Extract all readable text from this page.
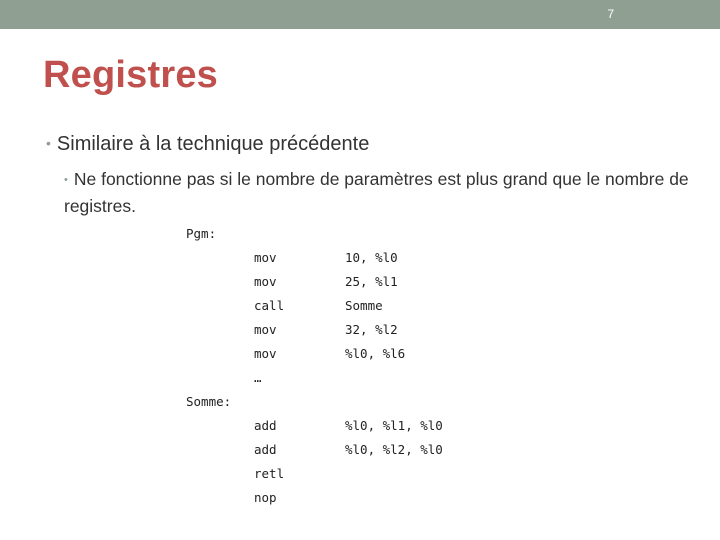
7
Registres
• Similaire à la technique précédente
• Ne fonctionne pas si le nombre de paramètres est plus grand que le nombre de registres.
Pgm:
mov	10, %l0
mov	25, %l1
call	Somme
mov	32, %l2
mov	%l0, %l6
…
Somme:
add	%l0, %l1, %l0
add	%l0, %l2, %l0
retl
nop
